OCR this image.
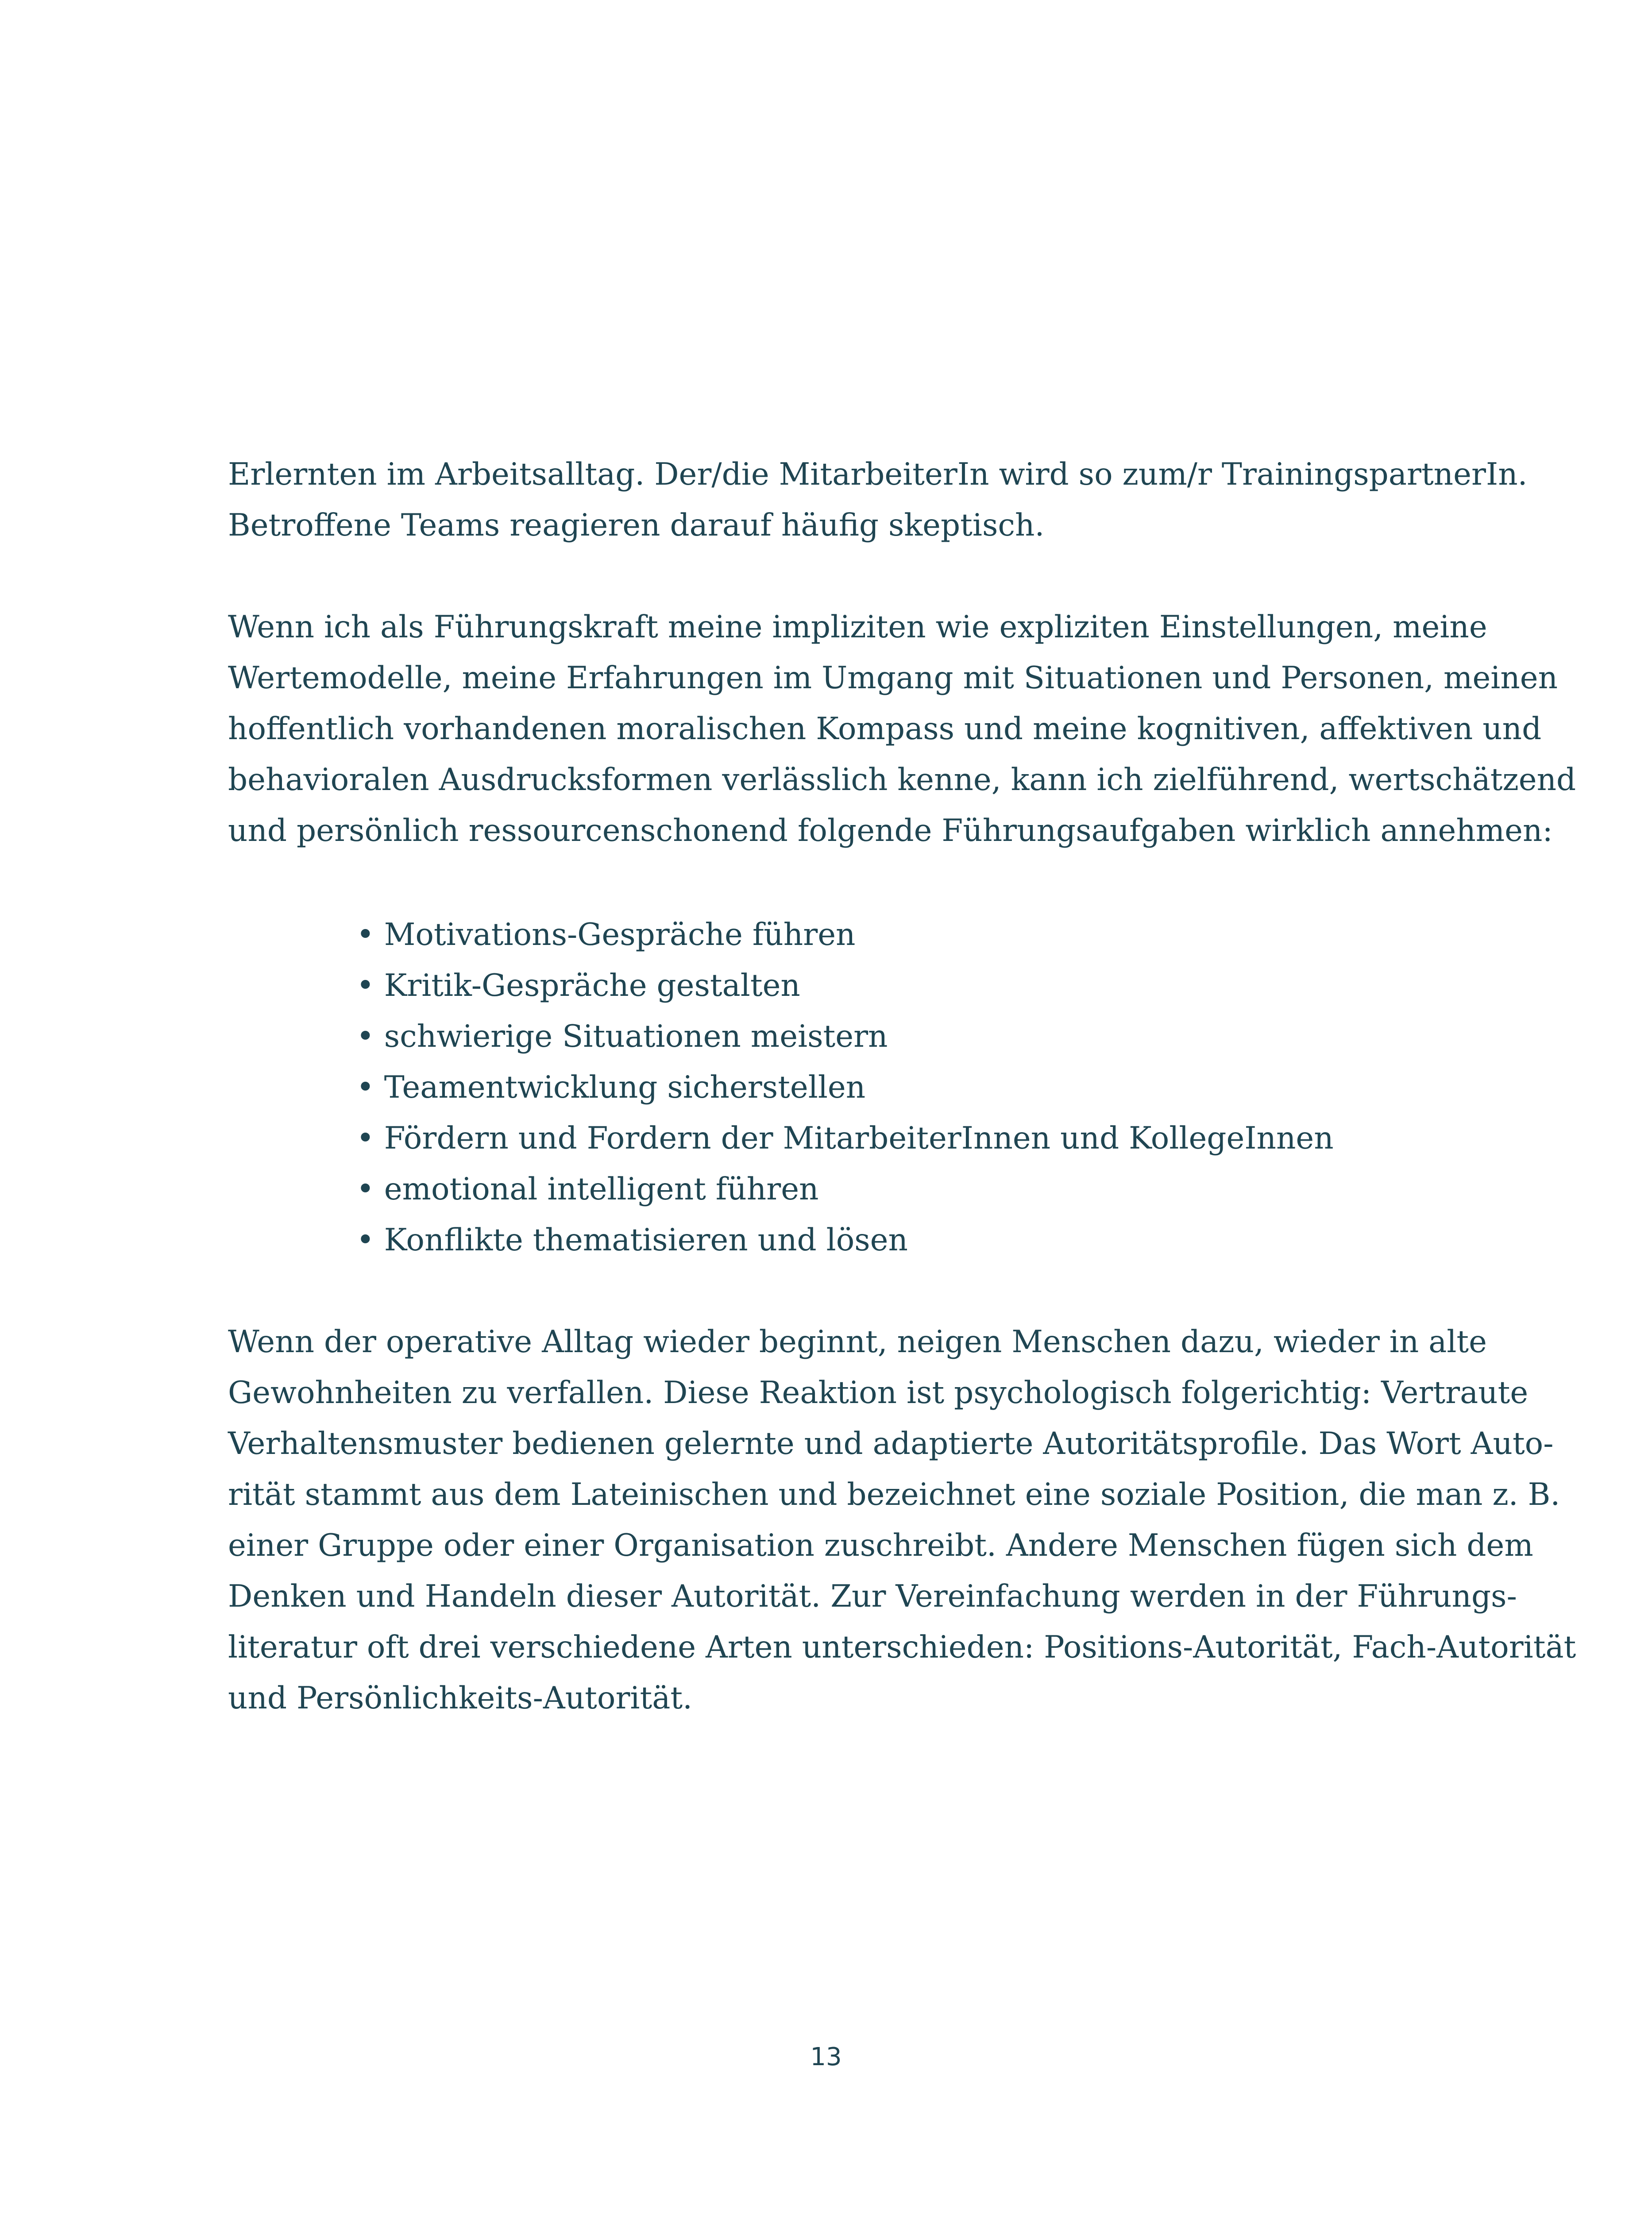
Erlernten im Arbeitsalltag. Der/die MitarbeiterIn wird so zum/r TrainingspartnerIn.
Betroffene Teams reagieren darauf häufig skeptisch.
Wenn ich als Führungskraft meine impliziten wie expliziten Einstellungen, meine
Wertemodelle, meine Erfahrungen im Umgang mit Situationen und Personen, meinen
hoffentlich vorhandenen moralischen Kompass und meine kognitiven, affektiven und
behavioralen Ausdrucksformen verlässlich kenne, kann ich zielführend, wertschätzend
und persönlich ressourcenschonend folgende Führungsaufgaben wirklich annehmen:
• Motivations-Gespräche führen
• Kritik-Gespräche gestalten
• schwierige Situationen meistern
• Teamentwicklung sicherstellen
• Fördern und Fordern der MitarbeiterInnen und KollegeInnen
• emotional intelligent führen
• Konflikte thematisieren und lösen
Wenn der operative Alltag wieder beginnt, neigen Menschen dazu, wieder in alte
Gewohnheiten zu verfallen. Diese Reaktion ist psychologisch folgerichtig: Vertraute
Verhaltensmuster bedienen gelernte und adaptierte Autoritätsprofile. Das Wort Auto-
rität stammt aus dem Lateinischen und bezeichnet eine soziale Position, die man z. B.
einer Gruppe oder einer Organisation zuschreibt. Andere Menschen fügen sich dem
Denken und Handeln dieser Autorität. Zur Vereinfachung werden in der Führungs-
literatur oft drei verschiedene Arten unterschieden: Positions-Autorität, Fach-Autorität
und Persönlichkeits-Autorität.
13
